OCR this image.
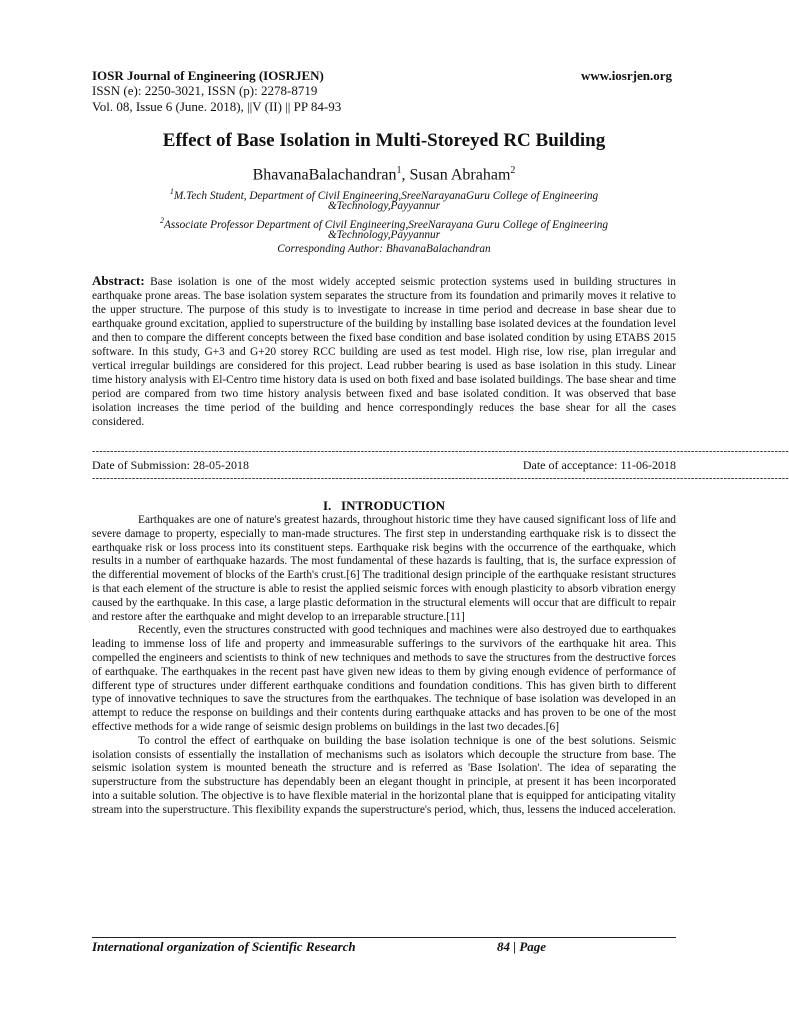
IOSR Journal of Engineering (IOSRJEN)	www.iosrjen.org
ISSN (e): 2250-3021, ISSN (p): 2278-8719
Vol. 08, Issue 6 (June. 2018), ||V (II) || PP 84-93
Effect of Base Isolation in Multi-Storeyed RC Building
BhavanaBalachandran$^1$, Susan Abraham$^2$
$^1$M.Tech Student, Department of Civil Engineering,SreeNarayanaGuru College of Engineering
&Technology,Payyannur
$^2$Associate Professor Department of Civil Engineering,SreeNarayana Guru College of Engineering
&Technology,Payyannur
Corresponding Author: BhavanaBalachandran
Abstract: Base isolation is one of the most widely accepted seismic protection systems used in building structures in earthquake prone areas. The base isolation system separates the structure from its foundation and primarily moves it relative to the upper structure. The purpose of this study is to investigate to increase in time period and decrease in base shear due to earthquake ground excitation, applied to superstructure of the building by installing base isolated devices at the foundation level and then to compare the different concepts between the fixed base condition and base isolated condition by using ETABS 2015 software. In this study, G+3 and G+20 storey RCC building are used as test model. High rise, low rise, plan irregular and vertical irregular buildings are considered for this project. Lead rubber bearing is used as base isolation in this study. Linear time history analysis with El-Centro time history data is used on both fixed and base isolated buildings. The base shear and time period are compared from two time history analysis between fixed and base isolated condition. It was observed that base isolation increases the time period of the building and hence correspondingly reduces the base shear for all the cases considered.
------------------------------------------------------------------------------------------------------------------------------------------------------------------------------------------------
Date of Submission: 28-05-2018	Date of acceptance: 11-06-2018
------------------------------------------------------------------------------------------------------------------------------------------------------------------------------------------------
I.   INTRODUCTION

Earthquakes are one of nature's greatest hazards, throughout historic time they have caused significant loss of life and severe damage to property, especially to man-made structures. The first step in understanding earthquake risk is to dissect the earthquake risk or loss process into its constituent steps. Earthquake risk begins with the occurrence of the earthquake, which results in a number of earthquake hazards. The most fundamental of these hazards is faulting, that is, the surface expression of the differential movement of blocks of the Earth's crust.[6] The traditional design principle of the earthquake resistant structures is that each element of the structure is able to resist the applied seismic forces with enough plasticity to absorb vibration energy caused by the earthquake. In this case, a large plastic deformation in the structural elements will occur that are difficult to repair and restore after the earthquake and might develop to an irreparable structure.[11]

Recently, even the structures constructed with good techniques and machines were also destroyed due to earthquakes leading to immense loss of life and property and immeasurable sufferings to the survivors of the earthquake hit area. This compelled the engineers and scientists to think of new techniques and methods to save the structures from the destructive forces of earthquake. The earthquakes in the recent past have given new ideas to them by giving enough evidence of performance of different type of structures under different earthquake conditions and foundation conditions. This has given birth to different type of innovative techniques to save the structures from the earthquakes. The technique of base isolation was developed in an attempt to reduce the response on buildings and their contents during earthquake attacks and has proven to be one of the most effective methods for a wide range of seismic design problems on buildings in the last two decades.[6]

To control the effect of earthquake on building the base isolation technique is one of the best solutions. Seismic isolation consists of essentially the installation of mechanisms such as isolators which decouple the structure from base. The seismic isolation system is mounted beneath the structure and is referred as 'Base Isolation'. The idea of separating the superstructure from the substructure has dependably been an elegant thought in principle, at present it has been incorporated into a suitable solution. The objective is to have flexible material in the horizontal plane that is equipped for anticipating vitality stream into the superstructure. This flexibility expands the superstructure's period, which, thus, lessens the induced acceleration.

International organization of Scientific Research	84 | Page
